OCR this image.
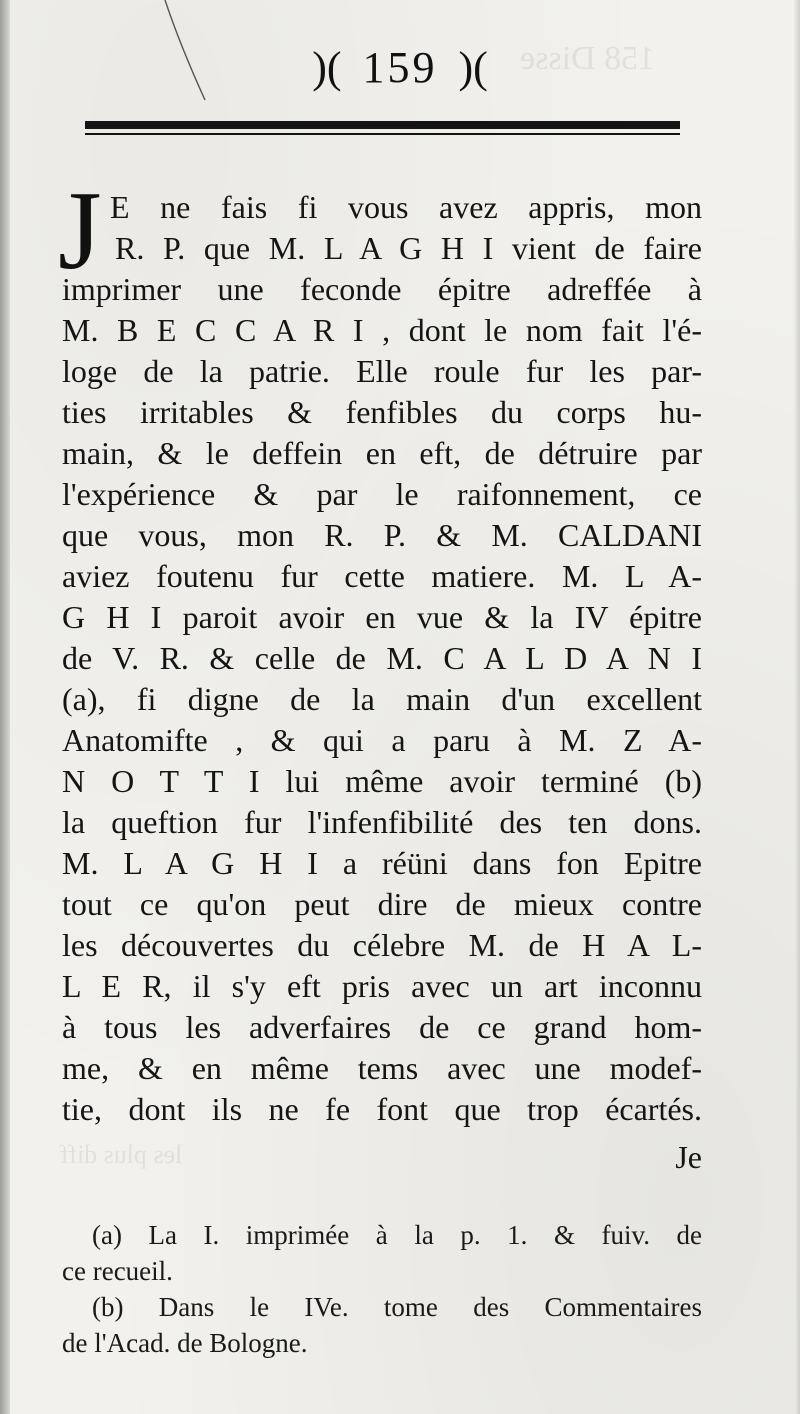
158 Disse
les plus diff
)( 159 )(
J E ne fais fi vous avez appris, mon
R. P. que M. L A G H I vient de faire
imprimer une feconde épitre adreffée à
M. B E C C A R I , dont le nom fait l'é-
loge de la patrie. Elle roule fur les par-
ties irritables & fenfibles du corps hu-
main, & le deffein en eft, de détruire par
l'expérience & par le raifonnement, ce
que vous, mon R. P. & M. CALDANI
aviez foutenu fur cette matiere. M. L A-
G H I paroit avoir en vue & la IV épitre
de V. R. & celle de M. C A L D A N I
(a), fi digne de la main d'un excellent
Anatomifte , & qui a paru à M. Z A-
N O T T I lui même avoir terminé (b)
la queftion fur l'infenfibilité des ten dons.
M. L A G H I a réüni dans fon Epitre
tout ce qu'on peut dire de mieux contre
les découvertes du célebre M. de H A L-
L E R, il s'y eft pris avec un art inconnu
à tous les adverfaires de ce grand hom-
me, & en même tems avec une modef-
tie, dont ils ne fe font que trop écartés.
Je
(a) La I. imprimée à la p. 1. & fuiv. de
ce recueil.
(b) Dans le IVe. tome des Commentaires
de l'Acad. de Bologne.
